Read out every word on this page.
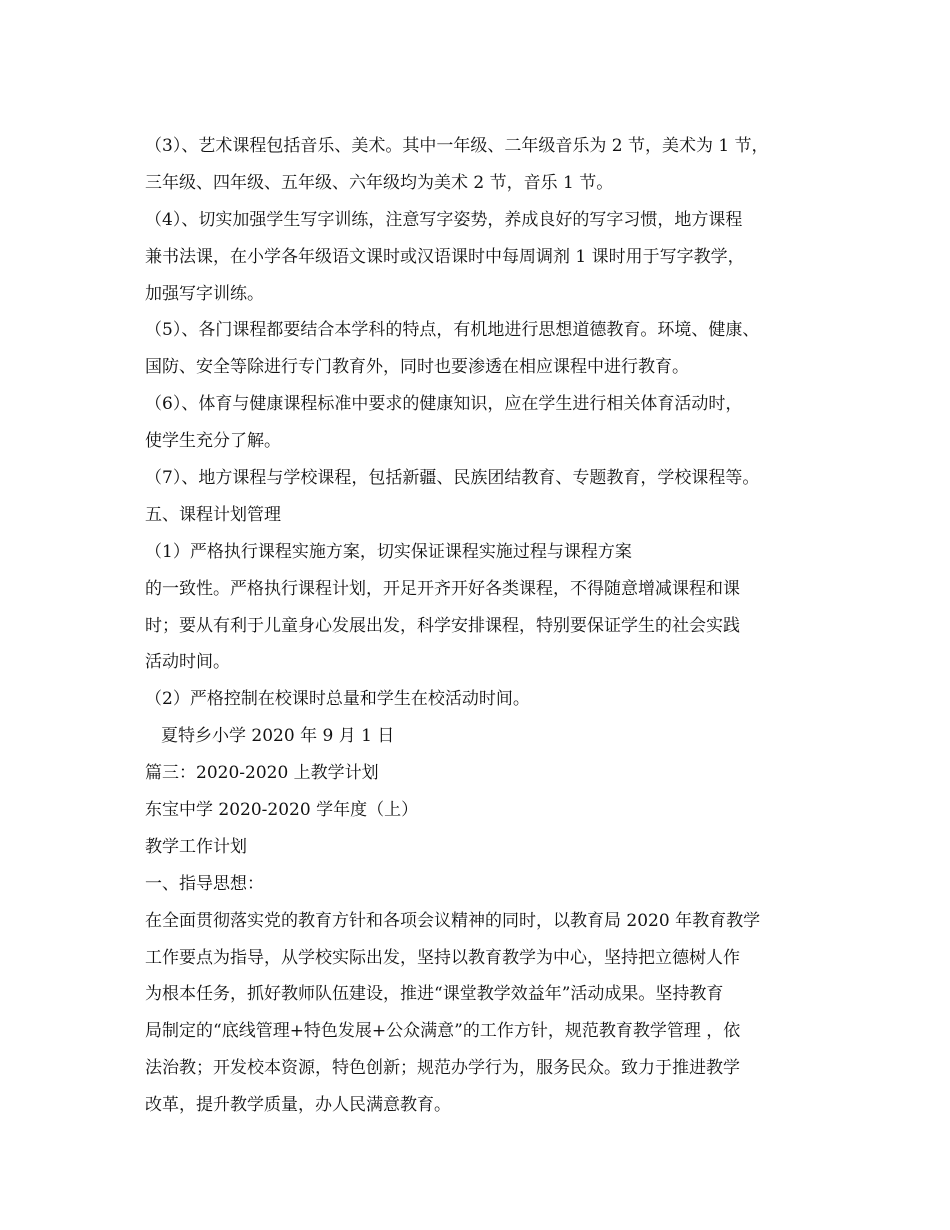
（3）、艺术课程包括音乐、美术。其中一年级、二年级音乐为 2 节，美术为 1 节，
三年级、四年级、五年级、六年级均为美术 2 节，音乐 1 节。
（4）、切实加强学生写字训练，注意写字姿势，养成良好的写字习惯，地方课程
兼书法课，在小学各年级语文课时或汉语课时中每周调剂 1 课时用于写字教学，
加强写字训练。
（5）、各门课程都要结合本学科的特点，有机地进行思想道德教育。环境、健康、
国防、安全等除进行专门教育外，同时也要渗透在相应课程中进行教育。
（6）、体育与健康课程标准中要求的健康知识，应在学生进行相关体育活动时，
使学生充分了解。
（7）、地方课程与学校课程，包括新疆、民族团结教育、专题教育，学校课程等。
五、课程计划管理
（1）严格执行课程实施方案，切实保证课程实施过程与课程方案
的一致性。严格执行课程计划，开足开齐开好各类课程，不得随意增减课程和课
时；要从有利于儿童身心发展出发，科学安排课程，特别要保证学生的社会实践
活动时间。
（2）严格控制在校课时总量和学生在校活动时间。
夏特乡小学 2020 年 9 月 1 日
篇三：2020-2020 上教学计划
东宝中学 2020-2020 学年度（上）
教学工作计划
一、指导思想：
在全面贯彻落实党的教育方针和各项会议精神的同时，以教育局 2020 年教育教学
工作要点为指导，从学校实际出发，坚持以教育教学为中心，坚持把立德树人作
为根本任务，抓好教师队伍建设，推进“课堂教学效益年”活动成果。坚持教育
局制定的“底线管理+特色发展+公众满意”的工作方针，规范教育教学管理 ，依
法治教；开发校本资源，特色创新；规范办学行为，服务民众。致力于推进教学
改革，提升教学质量，办人民满意教育。
